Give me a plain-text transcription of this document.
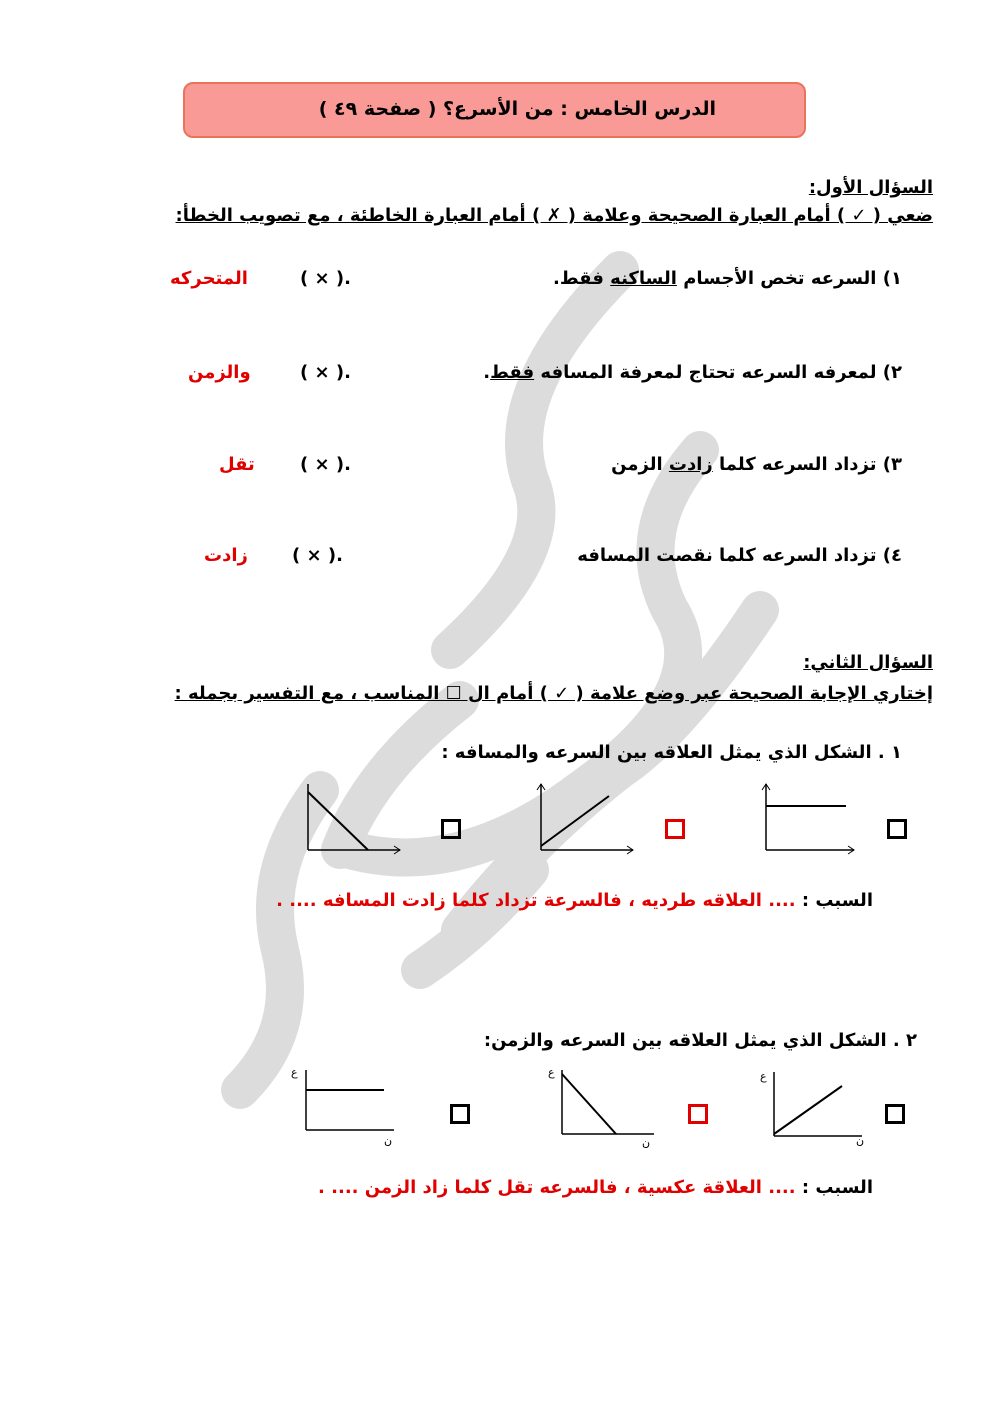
الدرس الخامس : من الأسرع؟ ( صفحة ٤٩ )
السؤال الأول:
ضعي ( ✓ ) أمام العبارة الصحيحة وعلامة ( ✗ ) أمام العبارة الخاطئة ، مع تصويب الخطأ:
١) السرعه تخص الأجسام الساكنه فقط.
( × ).
المتحركه
٢) لمعرفه السرعه تحتاج لمعرفة المسافه فقط.
( × ).
والزمن
٣) تزداد السرعه كلما زادت الزمن
( × ).
تقل
٤) تزداد السرعه كلما نقصت المسافه
( × ).
زادت
السؤال الثاني:
إختاري الإجابة الصحيحة عبر وضع علامة ( ✓ ) أمام ال ☐ المناسب ، مع التفسير بجمله :
١ . الشكل الذي يمثل العلاقه بين السرعه والمسافه :
السبب : .... العلاقه طرديه ، فالسرعة تزداد كلما زادت المسافه .... .
٢ . الشكل الذي يمثل العلاقه بين السرعه والزمن:
ع
ن
ع
ن
ع
ن
السبب : .... العلاقة عكسية ، فالسرعه تقل كلما زاد الزمن .... .
